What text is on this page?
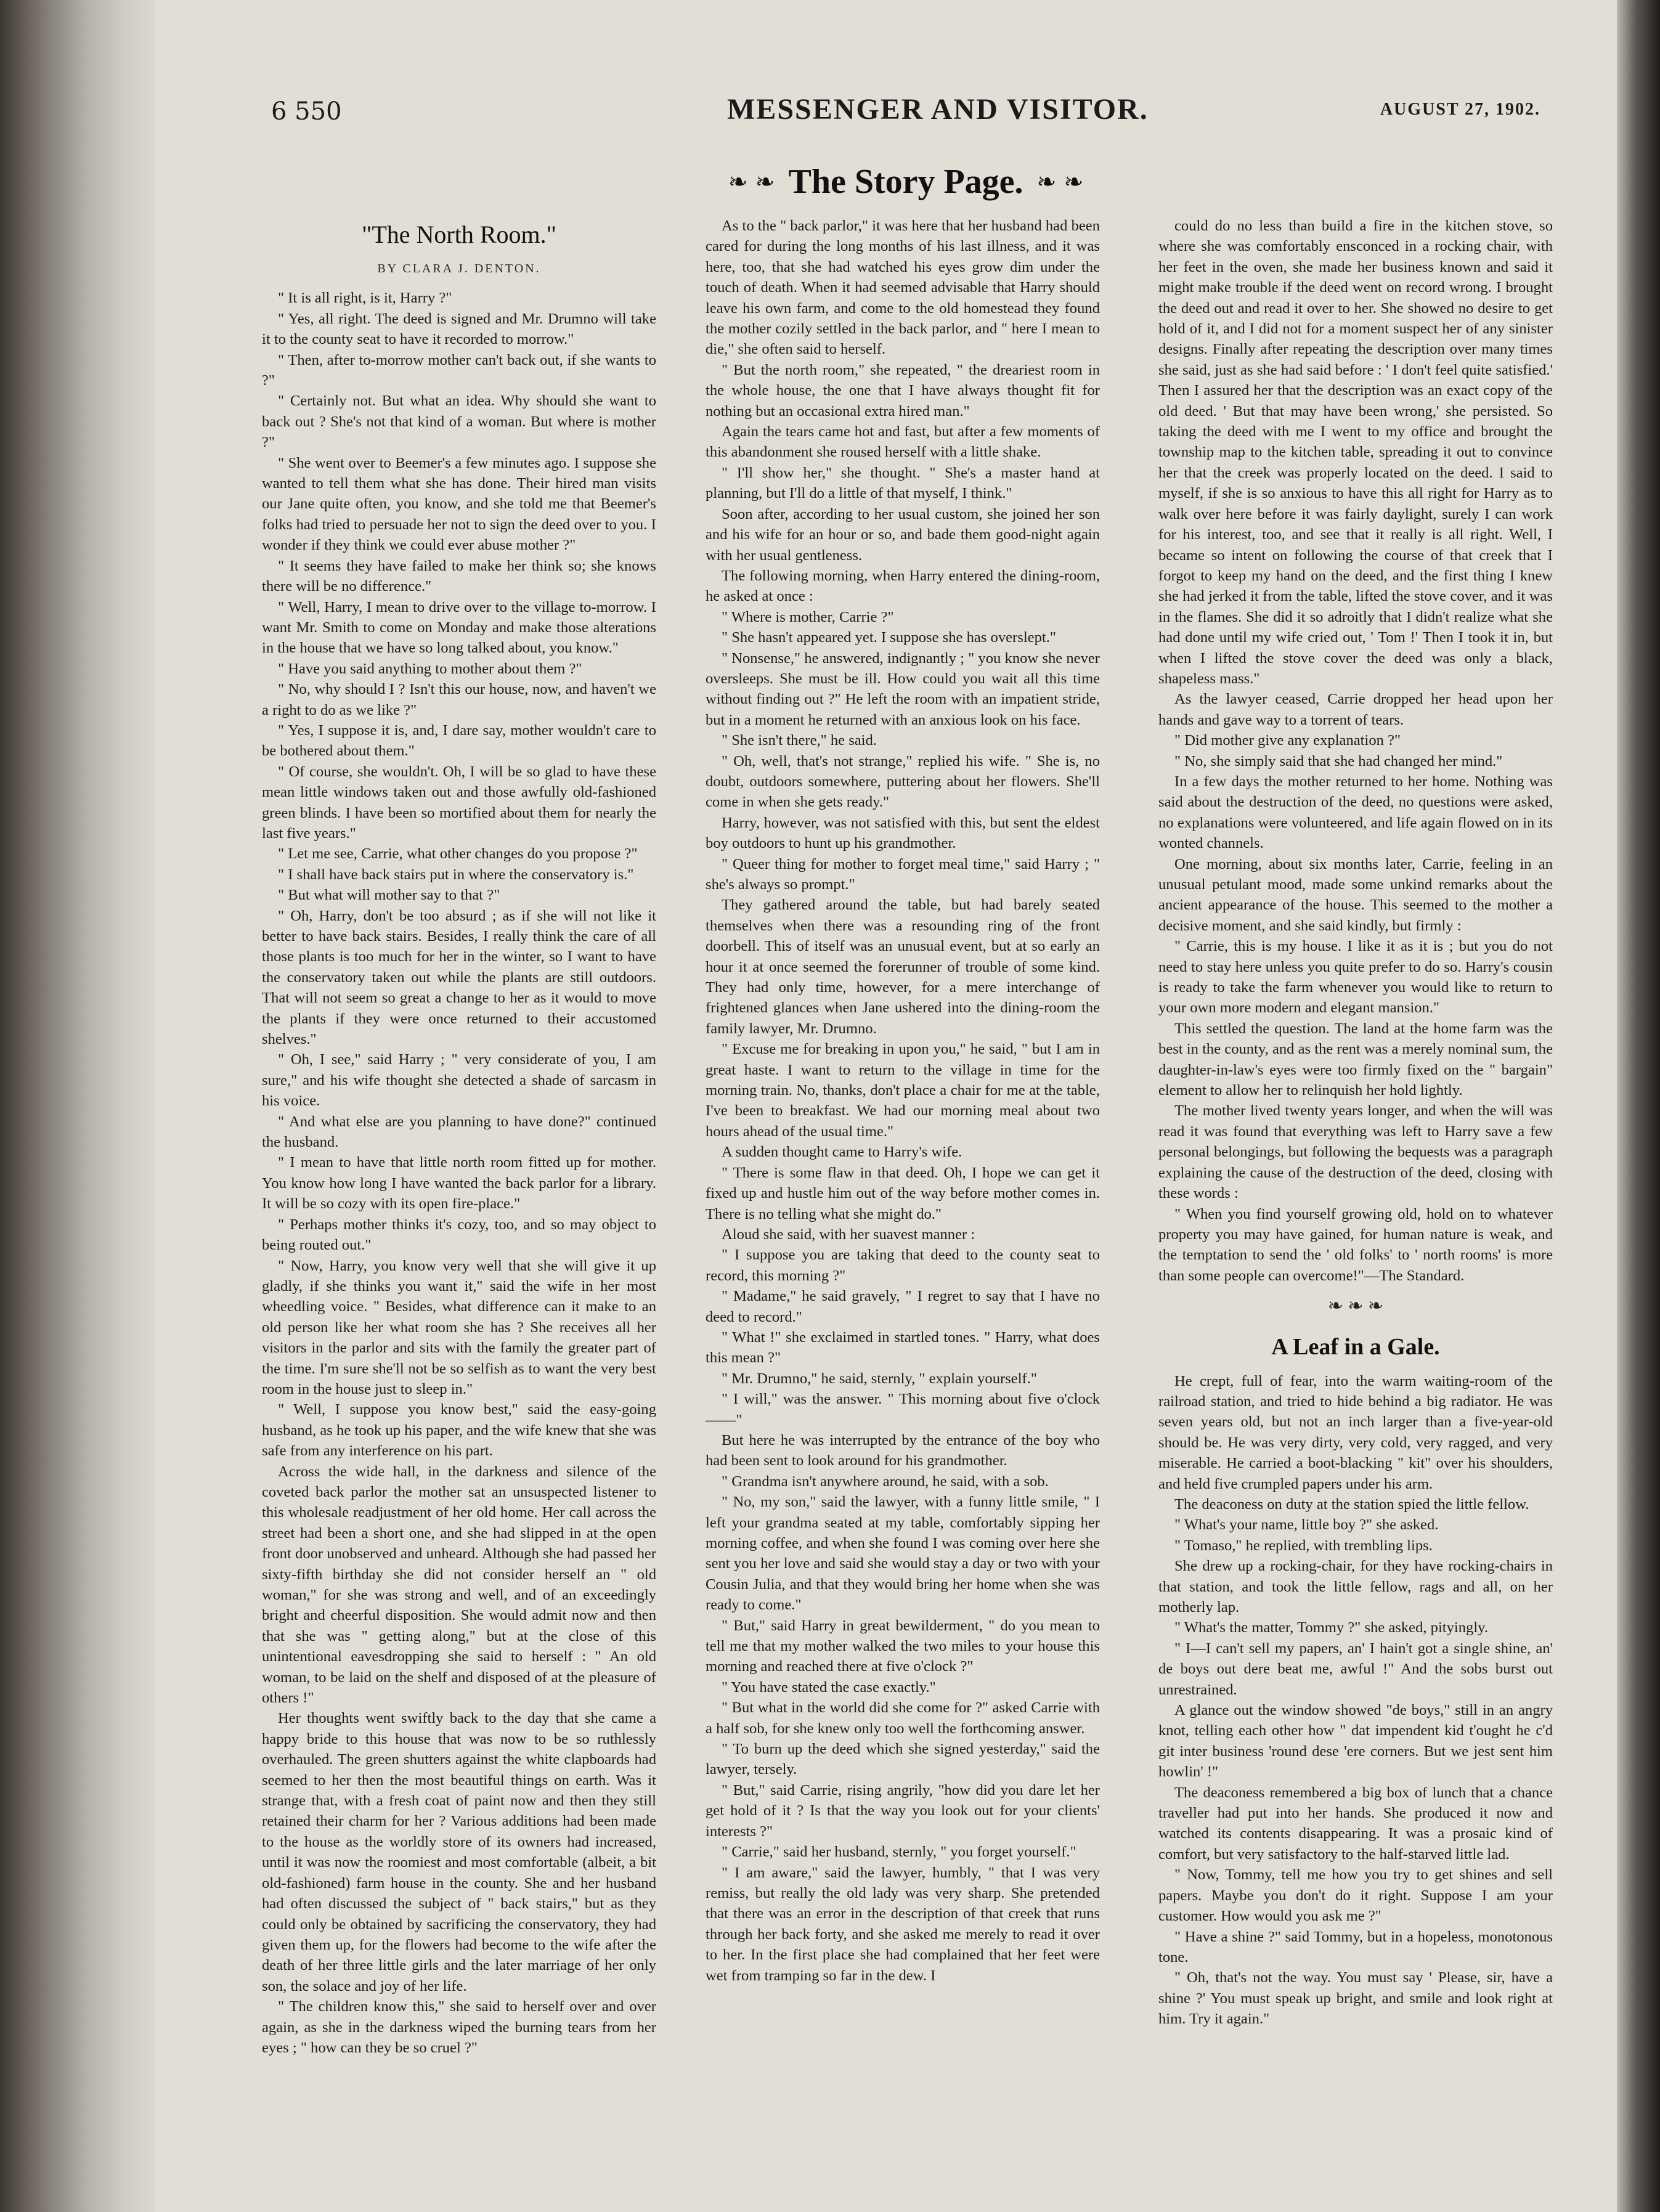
6 550	MESSENGER AND VISITOR.	AUGUST 27, 1902.
❧ ❧ The Story Page. ❧ ❧
"The North Room."
BY CLARA J. DENTON.

" It is all right, is it, Harry ?"

" Yes, all right. The deed is signed and Mr. Drumno will take it to the county seat to have it recorded to morrow."

" Then, after to-morrow mother can't back out, if she wants to ?"

" Certainly not. But what an idea. Why should she want to back out ? She's not that kind of a woman. But where is mother ?"

" She went over to Beemer's a few minutes ago. I suppose she wanted to tell them what she has done. Their hired man visits our Jane quite often, you know, and she told me that Beemer's folks had tried to persuade her not to sign the deed over to you. I wonder if they think we could ever abuse mother ?"

" It seems they have failed to make her think so; she knows there will be no difference."

" Well, Harry, I mean to drive over to the village to-morrow. I want Mr. Smith to come on Monday and make those alterations in the house that we have so long talked about, you know."

" Have you said anything to mother about them ?"

" No, why should I ? Isn't this our house, now, and haven't we a right to do as we like ?"

" Yes, I suppose it is, and, I dare say, mother wouldn't care to be bothered about them."

" Of course, she wouldn't. Oh, I will be so glad to have these mean little windows taken out and those awfully old-fashioned green blinds. I have been so mortified about them for nearly the last five years."

" Let me see, Carrie, what other changes do you propose ?"

" I shall have back stairs put in where the conservatory is."

" But what will mother say to that ?"

" Oh, Harry, don't be too absurd ; as if she will not like it better to have back stairs. Besides, I really think the care of all those plants is too much for her in the winter, so I want to have the conservatory taken out while the plants are still outdoors. That will not seem so great a change to her as it would to move the plants if they were once returned to their accustomed shelves."

" Oh, I see," said Harry ; " very considerate of you, I am sure," and his wife thought she detected a shade of sarcasm in his voice.

" And what else are you planning to have done?" continued the husband.

" I mean to have that little north room fitted up for mother. You know how long I have wanted the back parlor for a library. It will be so cozy with its open fire-place."

" Perhaps mother thinks it's cozy, too, and so may object to being routed out."

" Now, Harry, you know very well that she will give it up gladly, if she thinks you want it," said the wife in her most wheedling voice. " Besides, what difference can it make to an old person like her what room she has ? She receives all her visitors in the parlor and sits with the family the greater part of the time. I'm sure she'll not be so selfish as to want the very best room in the house just to sleep in."

" Well, I suppose you know best," said the easy-going husband, as he took up his paper, and the wife knew that she was safe from any interference on his part.

Across the wide hall, in the darkness and silence of the coveted back parlor the mother sat an unsuspected listener to this wholesale readjustment of her old home. Her call across the street had been a short one, and she had slipped in at the open front door unobserved and unheard. Although she had passed her sixty-fifth birthday she did not consider herself an " old woman," for she was strong and well, and of an exceedingly bright and cheerful disposition. She would admit now and then that she was " getting along," but at the close of this unintentional eavesdropping she said to herself : " An old woman, to be laid on the shelf and disposed of at the pleasure of others !"

Her thoughts went swiftly back to the day that she came a happy bride to this house that was now to be so ruthlessly overhauled. The green shutters against the white clapboards had seemed to her then the most beautiful things on earth. Was it strange that, with a fresh coat of paint now and then they still retained their charm for her ? Various additions had been made to the house as the worldly store of its owners had increased, until it was now the roomiest and most comfortable (albeit, a bit old-fashioned) farm house in the county. She and her husband had often discussed the subject of " back stairs," but as they could only be obtained by sacrificing the conservatory, they had given them up, for the flowers had become to the wife after the death of her three little girls and the later marriage of her only son, the solace and joy of her life.

" The children know this," she said to herself over and over again, as she in the darkness wiped the burning tears from her eyes ; " how can they be so cruel ?"

As to the " back parlor," it was here that her husband had been cared for during the long months of his last illness, and it was here, too, that she had watched his eyes grow dim under the touch of death. When it had seemed advisable that Harry should leave his own farm, and come to the old homestead they found the mother cozily settled in the back parlor, and " here I mean to die," she often said to herself.

" But the north room," she repeated, " the dreariest room in the whole house, the one that I have always thought fit for nothing but an occasional extra hired man."

Again the tears came hot and fast, but after a few moments of this abandonment she roused herself with a little shake.

" I'll show her," she thought. " She's a master hand at planning, but I'll do a little of that myself, I think."

Soon after, according to her usual custom, she joined her son and his wife for an hour or so, and bade them good-night again with her usual gentleness.

The following morning, when Harry entered the dining-room, he asked at once :

" Where is mother, Carrie ?"

" She hasn't appeared yet. I suppose she has overslept."

" Nonsense," he answered, indignantly ; " you know she never oversleeps. She must be ill. How could you wait all this time without finding out ?" He left the room with an impatient stride, but in a moment he returned with an anxious look on his face.

" She isn't there," he said.

" Oh, well, that's not strange," replied his wife. " She is, no doubt, outdoors somewhere, puttering about her flowers. She'll come in when she gets ready."

Harry, however, was not satisfied with this, but sent the eldest boy outdoors to hunt up his grandmother.

" Queer thing for mother to forget meal time," said Harry ; " she's always so prompt."

They gathered around the table, but had barely seated themselves when there was a resounding ring of the front doorbell. This of itself was an unusual event, but at so early an hour it at once seemed the forerunner of trouble of some kind. They had only time, however, for a mere interchange of frightened glances when Jane ushered into the dining-room the family lawyer, Mr. Drumno.

" Excuse me for breaking in upon you," he said, " but I am in great haste. I want to return to the village in time for the morning train. No, thanks, don't place a chair for me at the table, I've been to breakfast. We had our morning meal about two hours ahead of the usual time."

A sudden thought came to Harry's wife.

" There is some flaw in that deed. Oh, I hope we can get it fixed up and hustle him out of the way before mother comes in. There is no telling what she might do."

Aloud she said, with her suavest manner :

" I suppose you are taking that deed to the county seat to record, this morning ?"

" Madame," he said gravely, " I regret to say that I have no deed to record."

" What !" she exclaimed in startled tones. " Harry, what does this mean ?"

" Mr. Drumno," he said, sternly, " explain yourself."

" I will," was the answer. " This morning about five o'clock——"

But here he was interrupted by the entrance of the boy who had been sent to look around for his grandmother.

" Grandma isn't anywhere around, he said, with a sob.

" No, my son," said the lawyer, with a funny little smile, " I left your grandma seated at my table, comfortably sipping her morning coffee, and when she found I was coming over here she sent you her love and said she would stay a day or two with your Cousin Julia, and that they would bring her home when she was ready to come."

" But," said Harry in great bewilderment, " do you mean to tell me that my mother walked the two miles to your house this morning and reached there at five o'clock ?"

" You have stated the case exactly."

" But what in the world did she come for ?" asked Carrie with a half sob, for she knew only too well the forthcoming answer.

" To burn up the deed which she signed yesterday," said the lawyer, tersely.

" But," said Carrie, rising angrily, "how did you dare let her get hold of it ? Is that the way you look out for your clients' interests ?"

" Carrie," said her husband, sternly, " you forget yourself."

" I am aware," said the lawyer, humbly, " that I was very remiss, but really the old lady was very sharp. She pretended that there was an error in the description of that creek that runs through her back forty, and she asked me merely to read it over to her. In the first place she had complained that her feet were wet from tramping so far in the dew. I

could do no less than build a fire in the kitchen stove, so where she was comfortably ensconced in a rocking chair, with her feet in the oven, she made her business known and said it might make trouble if the deed went on record wrong. I brought the deed out and read it over to her. She showed no desire to get hold of it, and I did not for a moment suspect her of any sinister designs. Finally after repeating the description over many times she said, just as she had said before : ' I don't feel quite satisfied.' Then I assured her that the description was an exact copy of the old deed. ' But that may have been wrong,' she persisted. So taking the deed with me I went to my office and brought the township map to the kitchen table, spreading it out to convince her that the creek was properly located on the deed. I said to myself, if she is so anxious to have this all right for Harry as to walk over here before it was fairly daylight, surely I can work for his interest, too, and see that it really is all right. Well, I became so intent on following the course of that creek that I forgot to keep my hand on the deed, and the first thing I knew she had jerked it from the table, lifted the stove cover, and it was in the flames. She did it so adroitly that I didn't realize what she had done until my wife cried out, ' Tom !' Then I took it in, but when I lifted the stove cover the deed was only a black, shapeless mass."

As the lawyer ceased, Carrie dropped her head upon her hands and gave way to a torrent of tears.

" Did mother give any explanation ?"

" No, she simply said that she had changed her mind."

In a few days the mother returned to her home. Nothing was said about the destruction of the deed, no questions were asked, no explanations were volunteered, and life again flowed on in its wonted channels.

One morning, about six months later, Carrie, feeling in an unusual petulant mood, made some unkind remarks about the ancient appearance of the house. This seemed to the mother a decisive moment, and she said kindly, but firmly :

" Carrie, this is my house. I like it as it is ; but you do not need to stay here unless you quite prefer to do so. Harry's cousin is ready to take the farm whenever you would like to return to your own more modern and elegant mansion."

This settled the question. The land at the home farm was the best in the county, and as the rent was a merely nominal sum, the daughter-in-law's eyes were too firmly fixed on the " bargain" element to allow her to relinquish her hold lightly.

The mother lived twenty years longer, and when the will was read it was found that everything was left to Harry save a few personal belongings, but following the bequests was a paragraph explaining the cause of the destruction of the deed, closing with these words :

" When you find yourself growing old, hold on to whatever property you may have gained, for human nature is weak, and the temptation to send the ' old folks' to ' north rooms' is more than some people can overcome!"—The Standard.

❧ ❧ ❧
A Leaf in a Gale.

He crept, full of fear, into the warm waiting-room of the railroad station, and tried to hide behind a big radiator. He was seven years old, but not an inch larger than a five-year-old should be. He was very dirty, very cold, very ragged, and very miserable. He carried a boot-blacking " kit" over his shoulders, and held five crumpled papers under his arm.

The deaconess on duty at the station spied the little fellow.

" What's your name, little boy ?" she asked.

" Tomaso," he replied, with trembling lips.

She drew up a rocking-chair, for they have rocking-chairs in that station, and took the little fellow, rags and all, on her motherly lap.

" What's the matter, Tommy ?" she asked, pityingly.

" I—I can't sell my papers, an' I hain't got a single shine, an' de boys out dere beat me, awful !" And the sobs burst out unrestrained.

A glance out the window showed "de boys," still in an angry knot, telling each other how " dat impendent kid t'ought he c'd git inter business 'round dese 'ere corners. But we jest sent him howlin' !"

The deaconess remembered a big box of lunch that a chance traveller had put into her hands. She produced it now and watched its contents disappearing. It was a prosaic kind of comfort, but very satisfactory to the half-starved little lad.

" Now, Tommy, tell me how you try to get shines and sell papers. Maybe you don't do it right. Suppose I am your customer. How would you ask me ?"

" Have a shine ?" said Tommy, but in a hopeless, monotonous tone.

" Oh, that's not the way. You must say ' Please, sir, have a shine ?' You must speak up bright, and smile and look right at him. Try it again."
